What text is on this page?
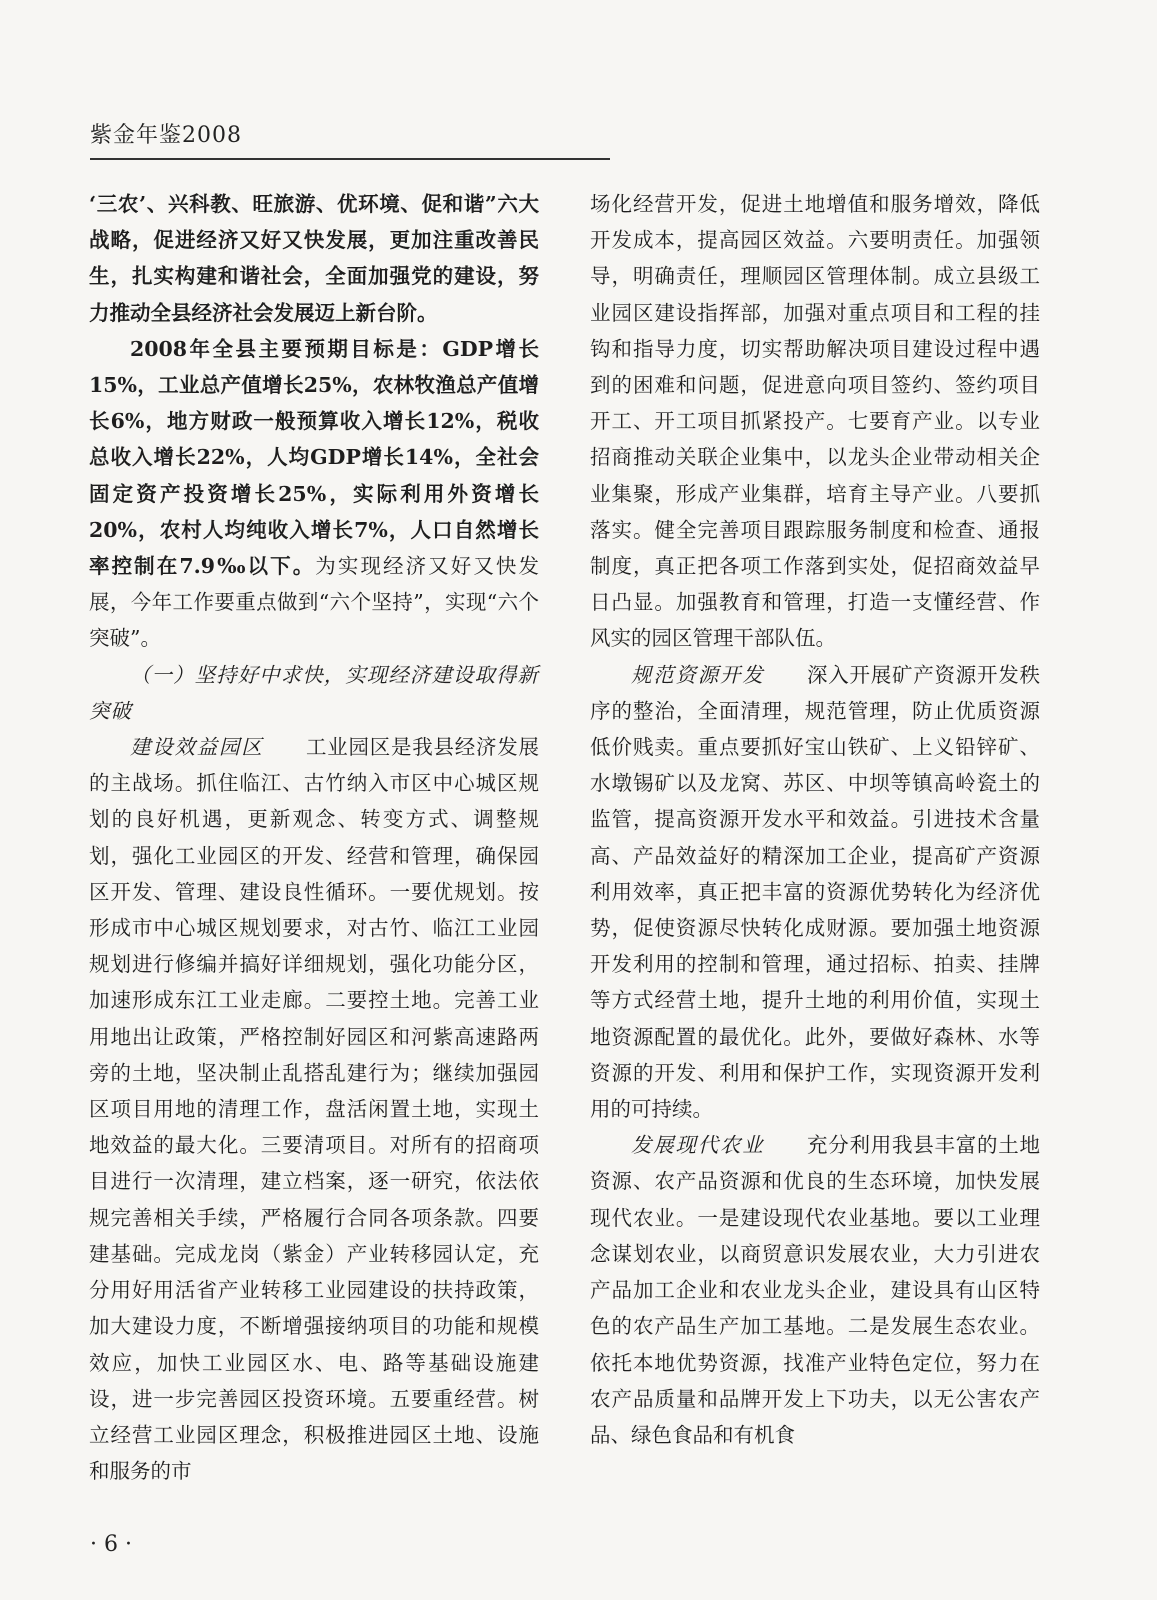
紫金年鉴2008

‘三农’、兴科教、旺旅游、优环境、促和谐”六大战略，促进经济又好又快发展，更加注重改善民生，扎实构建和谐社会，全面加强党的建设，努力推动全县经济社会发展迈上新台阶。

2008年全县主要预期目标是：GDP增长15%，工业总产值增长25%，农林牧渔总产值增长6%，地方财政一般预算收入增长12%，税收总收入增长22%，人均GDP增长14%，全社会固定资产投资增长25%，实际利用外资增长20%，农村人均纯收入增长7%，人口自然增长率控制在7.9‰以下。为实现经济又好又快发展，今年工作要重点做到“六个坚持”，实现“六个突破”。

（一）坚持好中求快，实现经济建设取得新突破

建设效益园区　　 工业园区是我县经济发展的主战场。抓住临江、古竹纳入市区中心城区规划的良好机遇，更新观念、转变方式、调整规划，强化工业园区的开发、经营和管理，确保园区开发、管理、建设良性循环。一要优规划。按形成市中心城区规划要求，对古竹、临江工业园规划进行修编并搞好详细规划，强化功能分区，加速形成东江工业走廊。二要控土地。完善工业用地出让政策，严格控制好园区和河紫高速路两旁的土地，坚决制止乱搭乱建行为；继续加强园区项目用地的清理工作，盘活闲置土地，实现土地效益的最大化。三要清项目。对所有的招商项目进行一次清理，建立档案，逐一研究，依法依规完善相关手续，严格履行合同各项条款。四要建基础。完成龙岗（紫金）产业转移园认定，充分用好用活省产业转移工业园建设的扶持政策，加大建设力度，不断增强接纳项目的功能和规模效应，加快工业园区水、电、路等基础设施建设，进一步完善园区投资环境。五要重经营。树立经营工业园区理念，积极推进园区土地、设施和服务的市

场化经营开发，促进土地增值和服务增效，降低开发成本，提高园区效益。六要明责任。加强领导，明确责任，理顺园区管理体制。成立县级工业园区建设指挥部，加强对重点项目和工程的挂钩和指导力度，切实帮助解决项目建设过程中遇到的困难和问题，促进意向项目签约、签约项目开工、开工项目抓紧投产。七要育产业。以专业招商推动关联企业集中，以龙头企业带动相关企业集聚，形成产业集群，培育主导产业。八要抓落实。健全完善项目跟踪服务制度和检查、通报制度，真正把各项工作落到实处，促招商效益早日凸显。加强教育和管理，打造一支懂经营、作风实的园区管理干部队伍。

规范资源开发　　 深入开展矿产资源开发秩序的整治，全面清理，规范管理，防止优质资源低价贱卖。重点要抓好宝山铁矿、上义铅锌矿、水墩锡矿以及龙窝、苏区、中坝等镇高岭瓷土的监管，提高资源开发水平和效益。引进技术含量高、产品效益好的精深加工企业，提高矿产资源利用效率，真正把丰富的资源优势转化为经济优势，促使资源尽快转化成财源。要加强土地资源开发利用的控制和管理，通过招标、拍卖、挂牌等方式经营土地，提升土地的利用价值，实现土地资源配置的最优化。此外，要做好森林、水等资源的开发、利用和保护工作，实现资源开发利用的可持续。

发展现代农业　　 充分利用我县丰富的土地资源、农产品资源和优良的生态环境，加快发展现代农业。一是建设现代农业基地。要以工业理念谋划农业，以商贸意识发展农业，大力引进农产品加工企业和农业龙头企业，建设具有山区特色的农产品生产加工基地。二是发展生态农业。依托本地优势资源，找准产业特色定位，努力在农产品质量和品牌开发上下功夫，以无公害农产品、绿色食品和有机食

· 6 ·
